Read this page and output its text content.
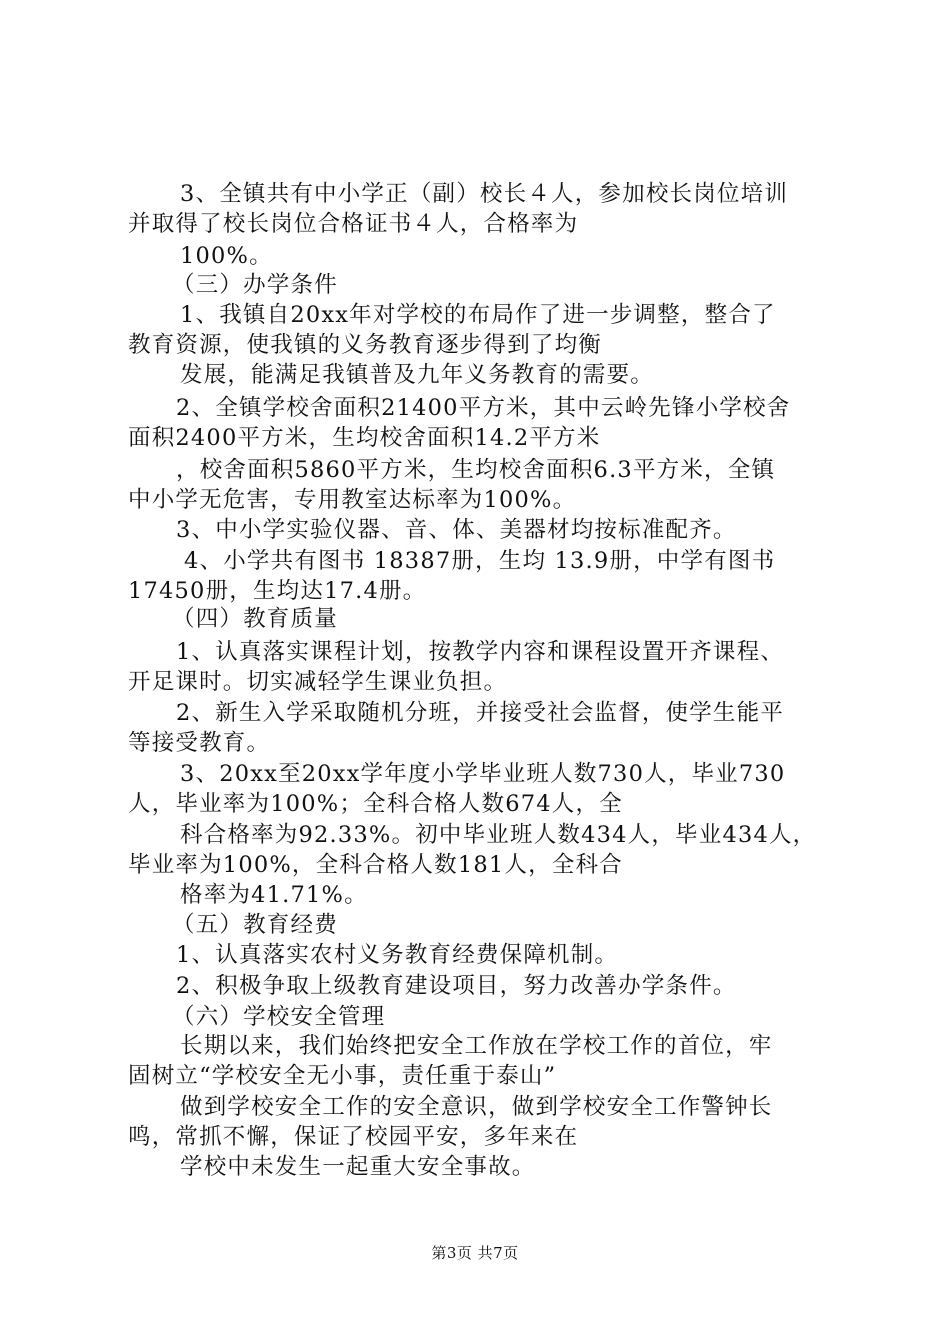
3、全镇共有中小学正（副）校长４人，参加校长岗位培训
并取得了校长岗位合格证书４人，合格率为
100%。
（三）办学条件
1、我镇自20xx年对学校的布局作了进一步调整，整合了
教育资源，使我镇的义务教育逐步得到了均衡
发展，能满足我镇普及九年义务教育的需要。
2、全镇学校舍面积21400平方米，其中云岭先锋小学校舍
面积2400平方米，生均校舍面积14.2平方米
，校舍面积5860平方米，生均校舍面积6.3平方米，全镇
中小学无危害，专用教室达标率为100%。
3、中小学实验仪器、音、体、美器材均按标准配齐。
4、小学共有图书 18387册，生均 13.9册，中学有图书
17450册，生均达17.4册。
（四）教育质量
1、认真落实课程计划，按教学内容和课程设置开齐课程、
开足课时。切实减轻学生课业负担。
2、新生入学采取随机分班，并接受社会监督，使学生能平
等接受教育。
3、20xx至20xx学年度小学毕业班人数730人，毕业730
人，毕业率为100%；全科合格人数674人，全
科合格率为92.33%。初中毕业班人数434人，毕业434人，
毕业率为100%，全科合格人数181人，全科合
格率为41.71%。
（五）教育经费
1、认真落实农村义务教育经费保障机制。
2、积极争取上级教育建设项目，努力改善办学条件。
（六）学校安全管理
长期以来，我们始终把安全工作放在学校工作的首位，牢
固树立“学校安全无小事，责任重于泰山”
做到学校安全工作的安全意识，做到学校安全工作警钟长
鸣，常抓不懈，保证了校园平安，多年来在
学校中未发生一起重大安全事故。
第3页 共7页
